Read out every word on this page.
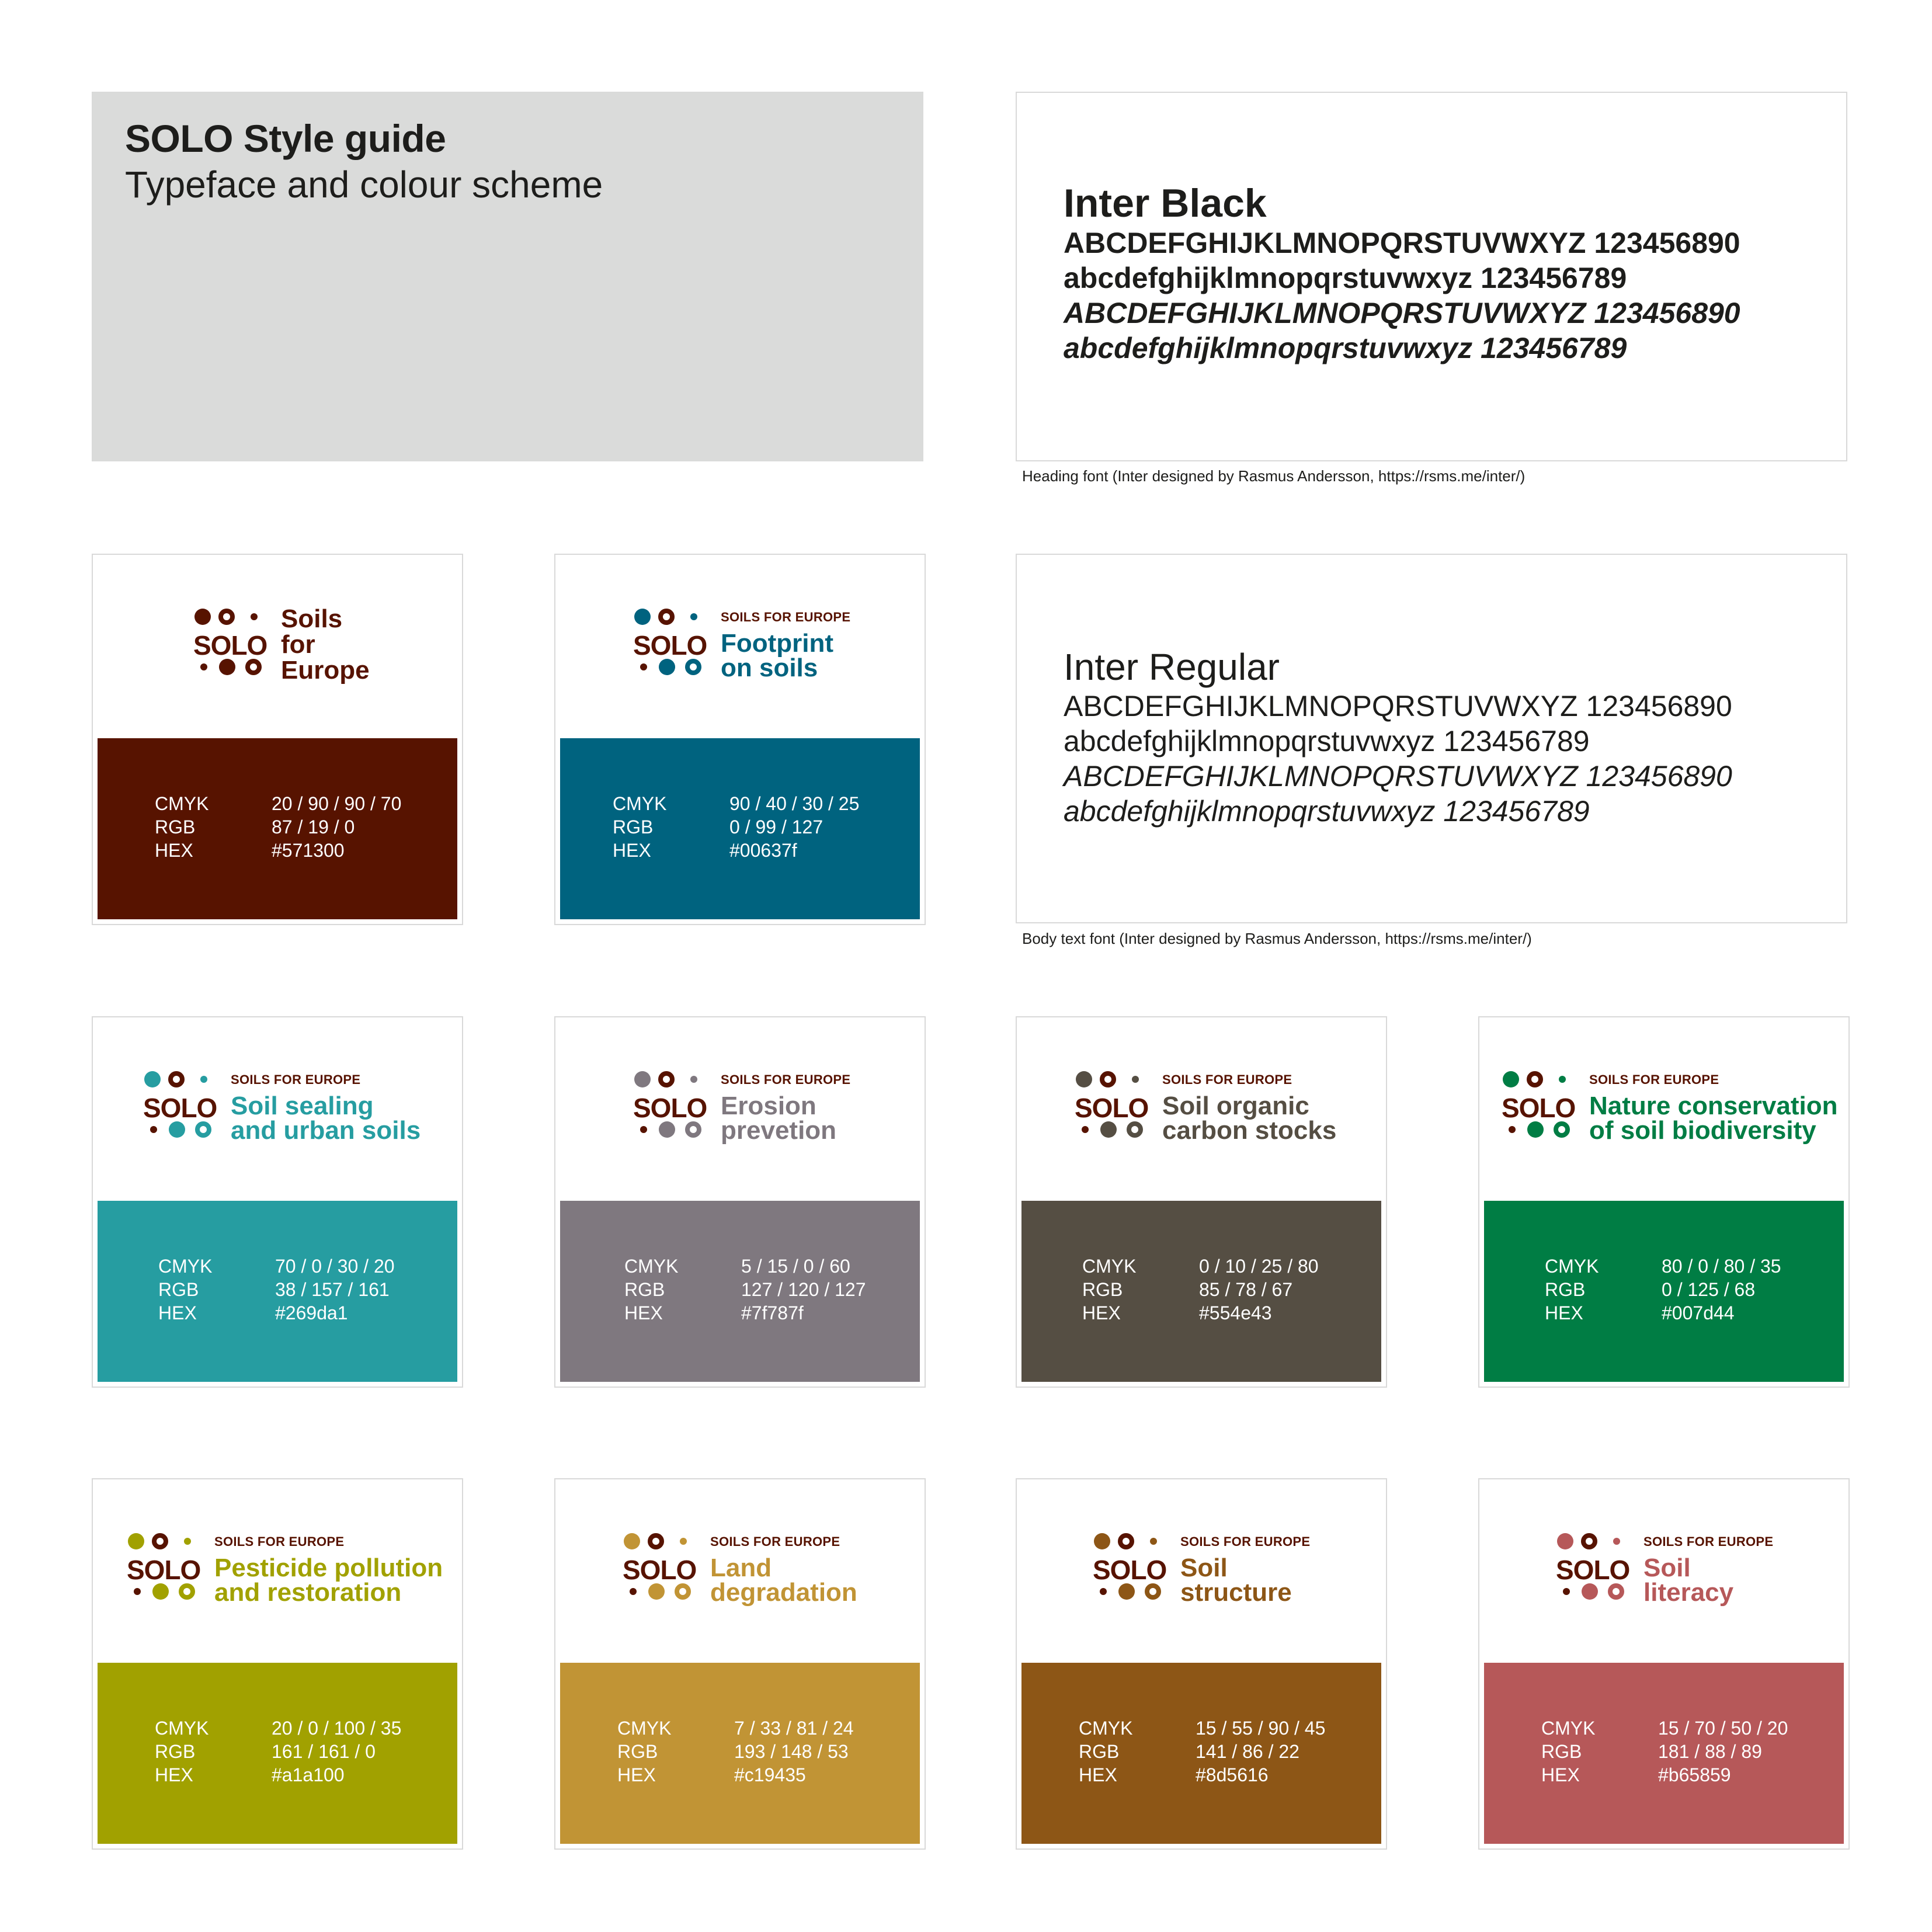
SOLO Style guide
Typeface and colour scheme	Inter Black
ABCDEFGHIJKLMNOPQRSTUVWXYZ 123456890
abcdefghijklmnopqrstuvwxyz 123456789
ABCDEFGHIJKLMNOPQRSTUVWXYZ 123456890
abcdefghijklmnopqrstuvwxyz 123456789
Heading font (Inter designed by Rasmus Andersson, https://rsms.me/inter/)
Inter Regular
ABCDEFGHIJKLMNOPQRSTUVWXYZ 123456890
abcdefghijklmnopqrstuvwxyz 123456789
ABCDEFGHIJKLMNOPQRSTUVWXYZ 123456890
abcdefghijklmnopqrstuvwxyz 123456789
Body text font (Inter designed by Rasmus Andersson, https://rsms.me/inter/)
SOLO
Soils
for
Europe
CMYK	20 / 90 / 90 / 70
RGB	87 / 19 / 0
HEX	#571300
SOLO
SOILS FOR EUROPE
Footprint
on soils
CMYK	90 / 40 / 30 / 25
RGB	0 / 99 / 127
HEX	#00637f
SOLO
SOILS FOR EUROPE
Soil sealing
and urban soils
CMYK	70 / 0 / 30 / 20
RGB	38 / 157 / 161
HEX	#269da1
SOLO
SOILS FOR EUROPE
Erosion
prevetion
CMYK	5 / 15 / 0 / 60
RGB	127 / 120 / 127
HEX	#7f787f
SOLO
SOILS FOR EUROPE
Soil organic
carbon stocks
CMYK	0 / 10 / 25 / 80
RGB	85 / 78 / 67
HEX	#554e43
SOLO
SOILS FOR EUROPE
Nature conservation
of soil biodiversity
CMYK	80 / 0 / 80 / 35
RGB	0 / 125 / 68
HEX	#007d44
SOLO
SOILS FOR EUROPE
Pesticide pollution
and restoration
CMYK	20 / 0 / 100 / 35
RGB	161 / 161 / 0
HEX	#a1a100
SOLO
SOILS FOR EUROPE
Land
degradation
CMYK	7 / 33 / 81 / 24
RGB	193 / 148 / 53
HEX	#c19435
SOLO
SOILS FOR EUROPE
Soil
structure
CMYK	15 / 55 / 90 / 45
RGB	141 / 86 / 22
HEX	#8d5616
SOLO
SOILS FOR EUROPE
Soil
literacy
CMYK	15 / 70 / 50 / 20
RGB	181 / 88 / 89
HEX	#b65859
